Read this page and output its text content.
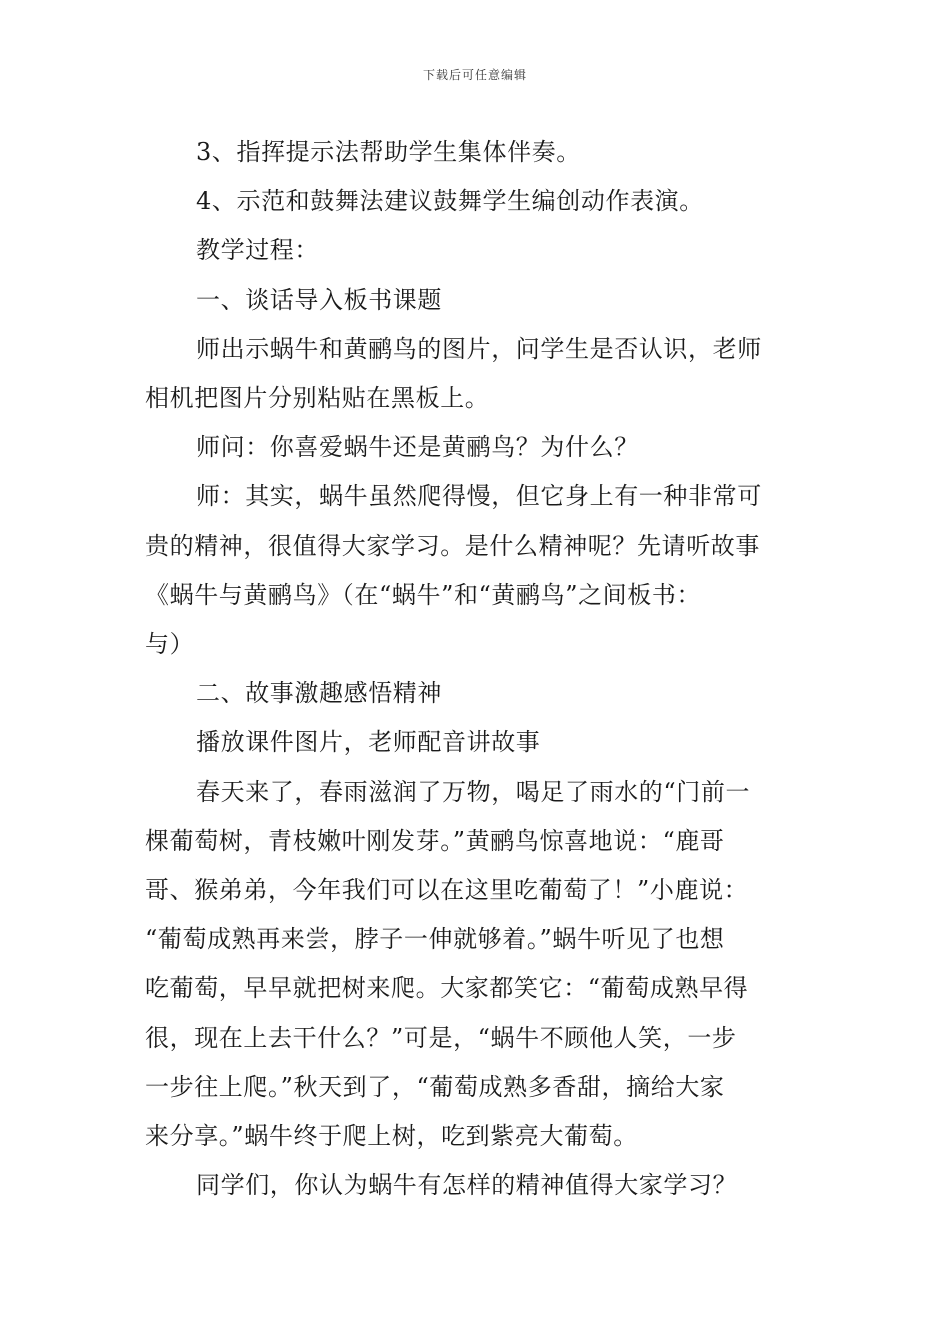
下载后可任意编辑

3、指挥提示法帮助学生集体伴奏。

4、示范和鼓舞法建议鼓舞学生编创动作表演。

教学过程：

一、谈话导入板书课题

师出示蜗牛和黄鹂鸟的图片，问学生是否认识，老师

相机把图片分别粘贴在黑板上。

师问：你喜爱蜗牛还是黄鹂鸟？为什么？

师：其实，蜗牛虽然爬得慢，但它身上有一种非常可

贵的精神，很值得大家学习。是什么精神呢？先请听故事

《蜗牛与黄鹂鸟》（在“蜗牛”和“黄鹂鸟”之间板书：

与）

二、故事激趣感悟精神

播放课件图片，老师配音讲故事

春天来了，春雨滋润了万物，喝足了雨水的“门前一

棵葡萄树，青枝嫩叶刚发芽。”黄鹂鸟惊喜地说：“鹿哥

哥、猴弟弟，今年我们可以在这里吃葡萄了！”小鹿说：

“葡萄成熟再来尝，脖子一伸就够着。”蜗牛听见了也想

吃葡萄，早早就把树来爬。大家都笑它：“葡萄成熟早得

很，现在上去干什么？”可是，“蜗牛不顾他人笑，一步

一步往上爬。”秋天到了，“葡萄成熟多香甜，摘给大家

来分享。”蜗牛终于爬上树，吃到紫亮大葡萄。

同学们，你认为蜗牛有怎样的精神值得大家学习？
